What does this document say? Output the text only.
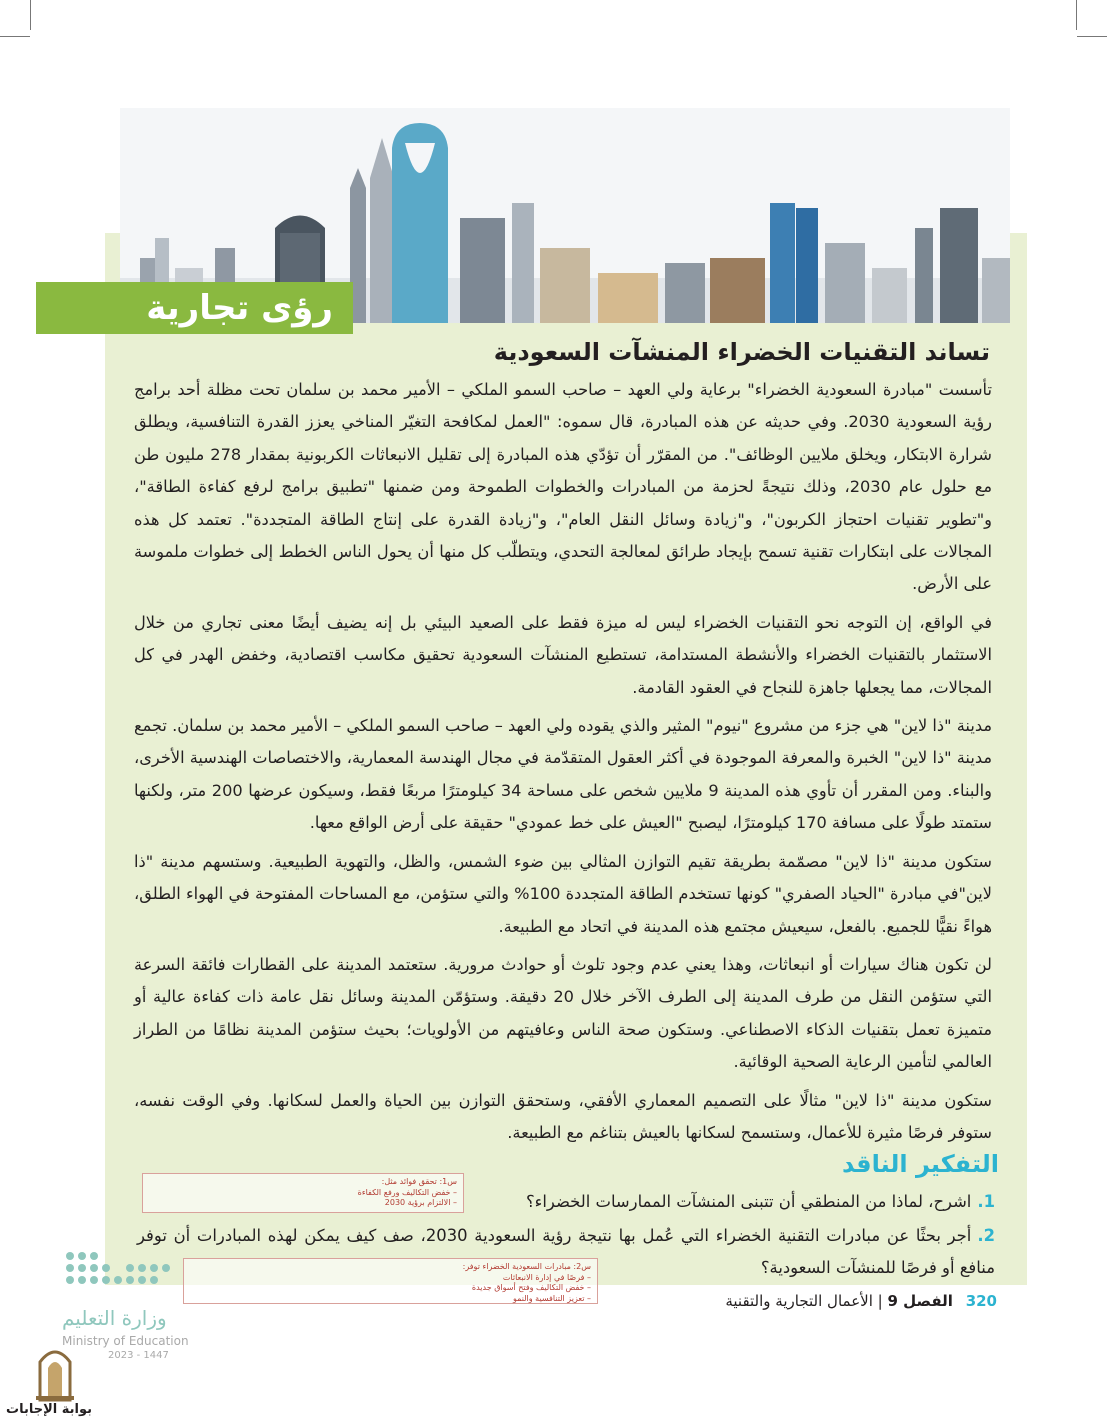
رؤى تجارية
تساند التقنيات الخضراء المنشآت السعودية

تأسست "مبادرة السعودية الخضراء" برعاية ولي العهد – صاحب السمو الملكي – الأمير محمد بن سلمان تحت مظلة أحد برامج رؤية السعودية 2030. وفي حديثه عن هذه المبادرة، قال سموه: "العمل لمكافحة التغيّر المناخي يعزز القدرة التنافسية، ويطلق شرارة الابتكار، ويخلق ملايين الوظائف". من المقرّر أن تؤدّي هذه المبادرة إلى تقليل الانبعاثات الكربونية بمقدار 278 مليون طن مع حلول عام 2030، وذلك نتيجةً لحزمة من المبادرات والخطوات الطموحة ومن ضمنها "تطبيق برامج لرفع كفاءة الطاقة"، و"تطوير تقنيات احتجاز الكربون"، و"زيادة وسائل النقل العام"، و"زيادة القدرة على إنتاج الطاقة المتجددة". تعتمد كل هذه المجالات على ابتكارات تقنية تسمح بإيجاد طرائق لمعالجة التحدي، ويتطلّب كل منها أن يحول الناس الخطط إلى خطوات ملموسة على الأرض.

في الواقع، إن التوجه نحو التقنيات الخضراء ليس له ميزة فقط على الصعيد البيئي بل إنه يضيف أيضًا معنى تجاري من خلال الاستثمار بالتقنيات الخضراء والأنشطة المستدامة، تستطيع المنشآت السعودية تحقيق مكاسب اقتصادية، وخفض الهدر في كل المجالات، مما يجعلها جاهزة للنجاح في العقود القادمة.

مدينة "ذا لاين" هي جزء من مشروع "نيوم" المثير والذي يقوده ولي العهد – صاحب السمو الملكي – الأمير محمد بن سلمان. تجمع مدينة "ذا لاين" الخبرة والمعرفة الموجودة في أكثر العقول المتقدّمة في مجال الهندسة المعمارية، والاختصاصات الهندسية الأخرى، والبناء. ومن المقرر أن تأوي هذه المدينة 9 ملايين شخص على مساحة 34 كيلومترًا مربعًا فقط، وسيكون عرضها 200 متر، ولكنها ستمتد طولًا على مسافة 170 كيلومترًا، ليصبح "العيش على خط عمودي" حقيقة على أرض الواقع معها.

ستكون مدينة "ذا لاين" مصمّمة بطريقة تقيم التوازن المثالي بين ضوء الشمس، والظل، والتهوية الطبيعية. وستسهم مدينة "ذا لاين"في مبادرة "الحياد الصفري" كونها تستخدم الطاقة المتجددة 100% والتي ستؤمن، مع المساحات المفتوحة في الهواء الطلق، هواءً نقيًّا للجميع. بالفعل، سيعيش مجتمع هذه المدينة في اتحاد مع الطبيعة.

لن تكون هناك سيارات أو انبعاثات، وهذا يعني عدم وجود تلوث أو حوادث مرورية. ستعتمد المدينة على القطارات فائقة السرعة التي ستؤمن النقل من طرف المدينة إلى الطرف الآخر خلال 20 دقيقة. وستؤمّن المدينة وسائل نقل عامة ذات كفاءة عالية أو متميزة تعمل بتقنيات الذكاء الاصطناعي. وستكون صحة الناس وعافيتهم من الأولويات؛ بحيث ستؤمن المدينة نظامًا من الطراز العالمي لتأمين الرعاية الصحية الوقائية.

ستكون مدينة "ذا لاين" مثالًا على التصميم المعماري الأفقي، وستحقق التوازن بين الحياة والعمل لسكانها. وفي الوقت نفسه، ستوفر فرصًا مثيرة للأعمال، وستسمح لسكانها بالعيش بتناغم مع الطبيعة.

التفكير الناقد
1.اشرح، لماذا من المنطقي أن تتبنى المنشآت الممارسات الخضراء؟
2.أجر بحثًا عن مبادرات التقنية الخضراء التي عُمل بها نتيجة رؤية السعودية 2030، صف كيف يمكن لهذه المبادرات أن توفر منافع أو فرصًا للمنشآت السعودية؟
س1: تحقق فوائد مثل:
– خفض التكاليف ورفع الكفاءة
– الالتزام برؤية 2030
س2: مبادرات السعودية الخضراء توفر:
– فرصًا في إدارة الانبعاثات
– خفض التكاليف وفتح أسواق جديدة
– تعزيز التنافسية والنمو	320 الفصل 9 | الأعمال التجارية والتقنية
وزارة التعليم
Ministry of Education
2023 - 1447
بوابة الإجابات
